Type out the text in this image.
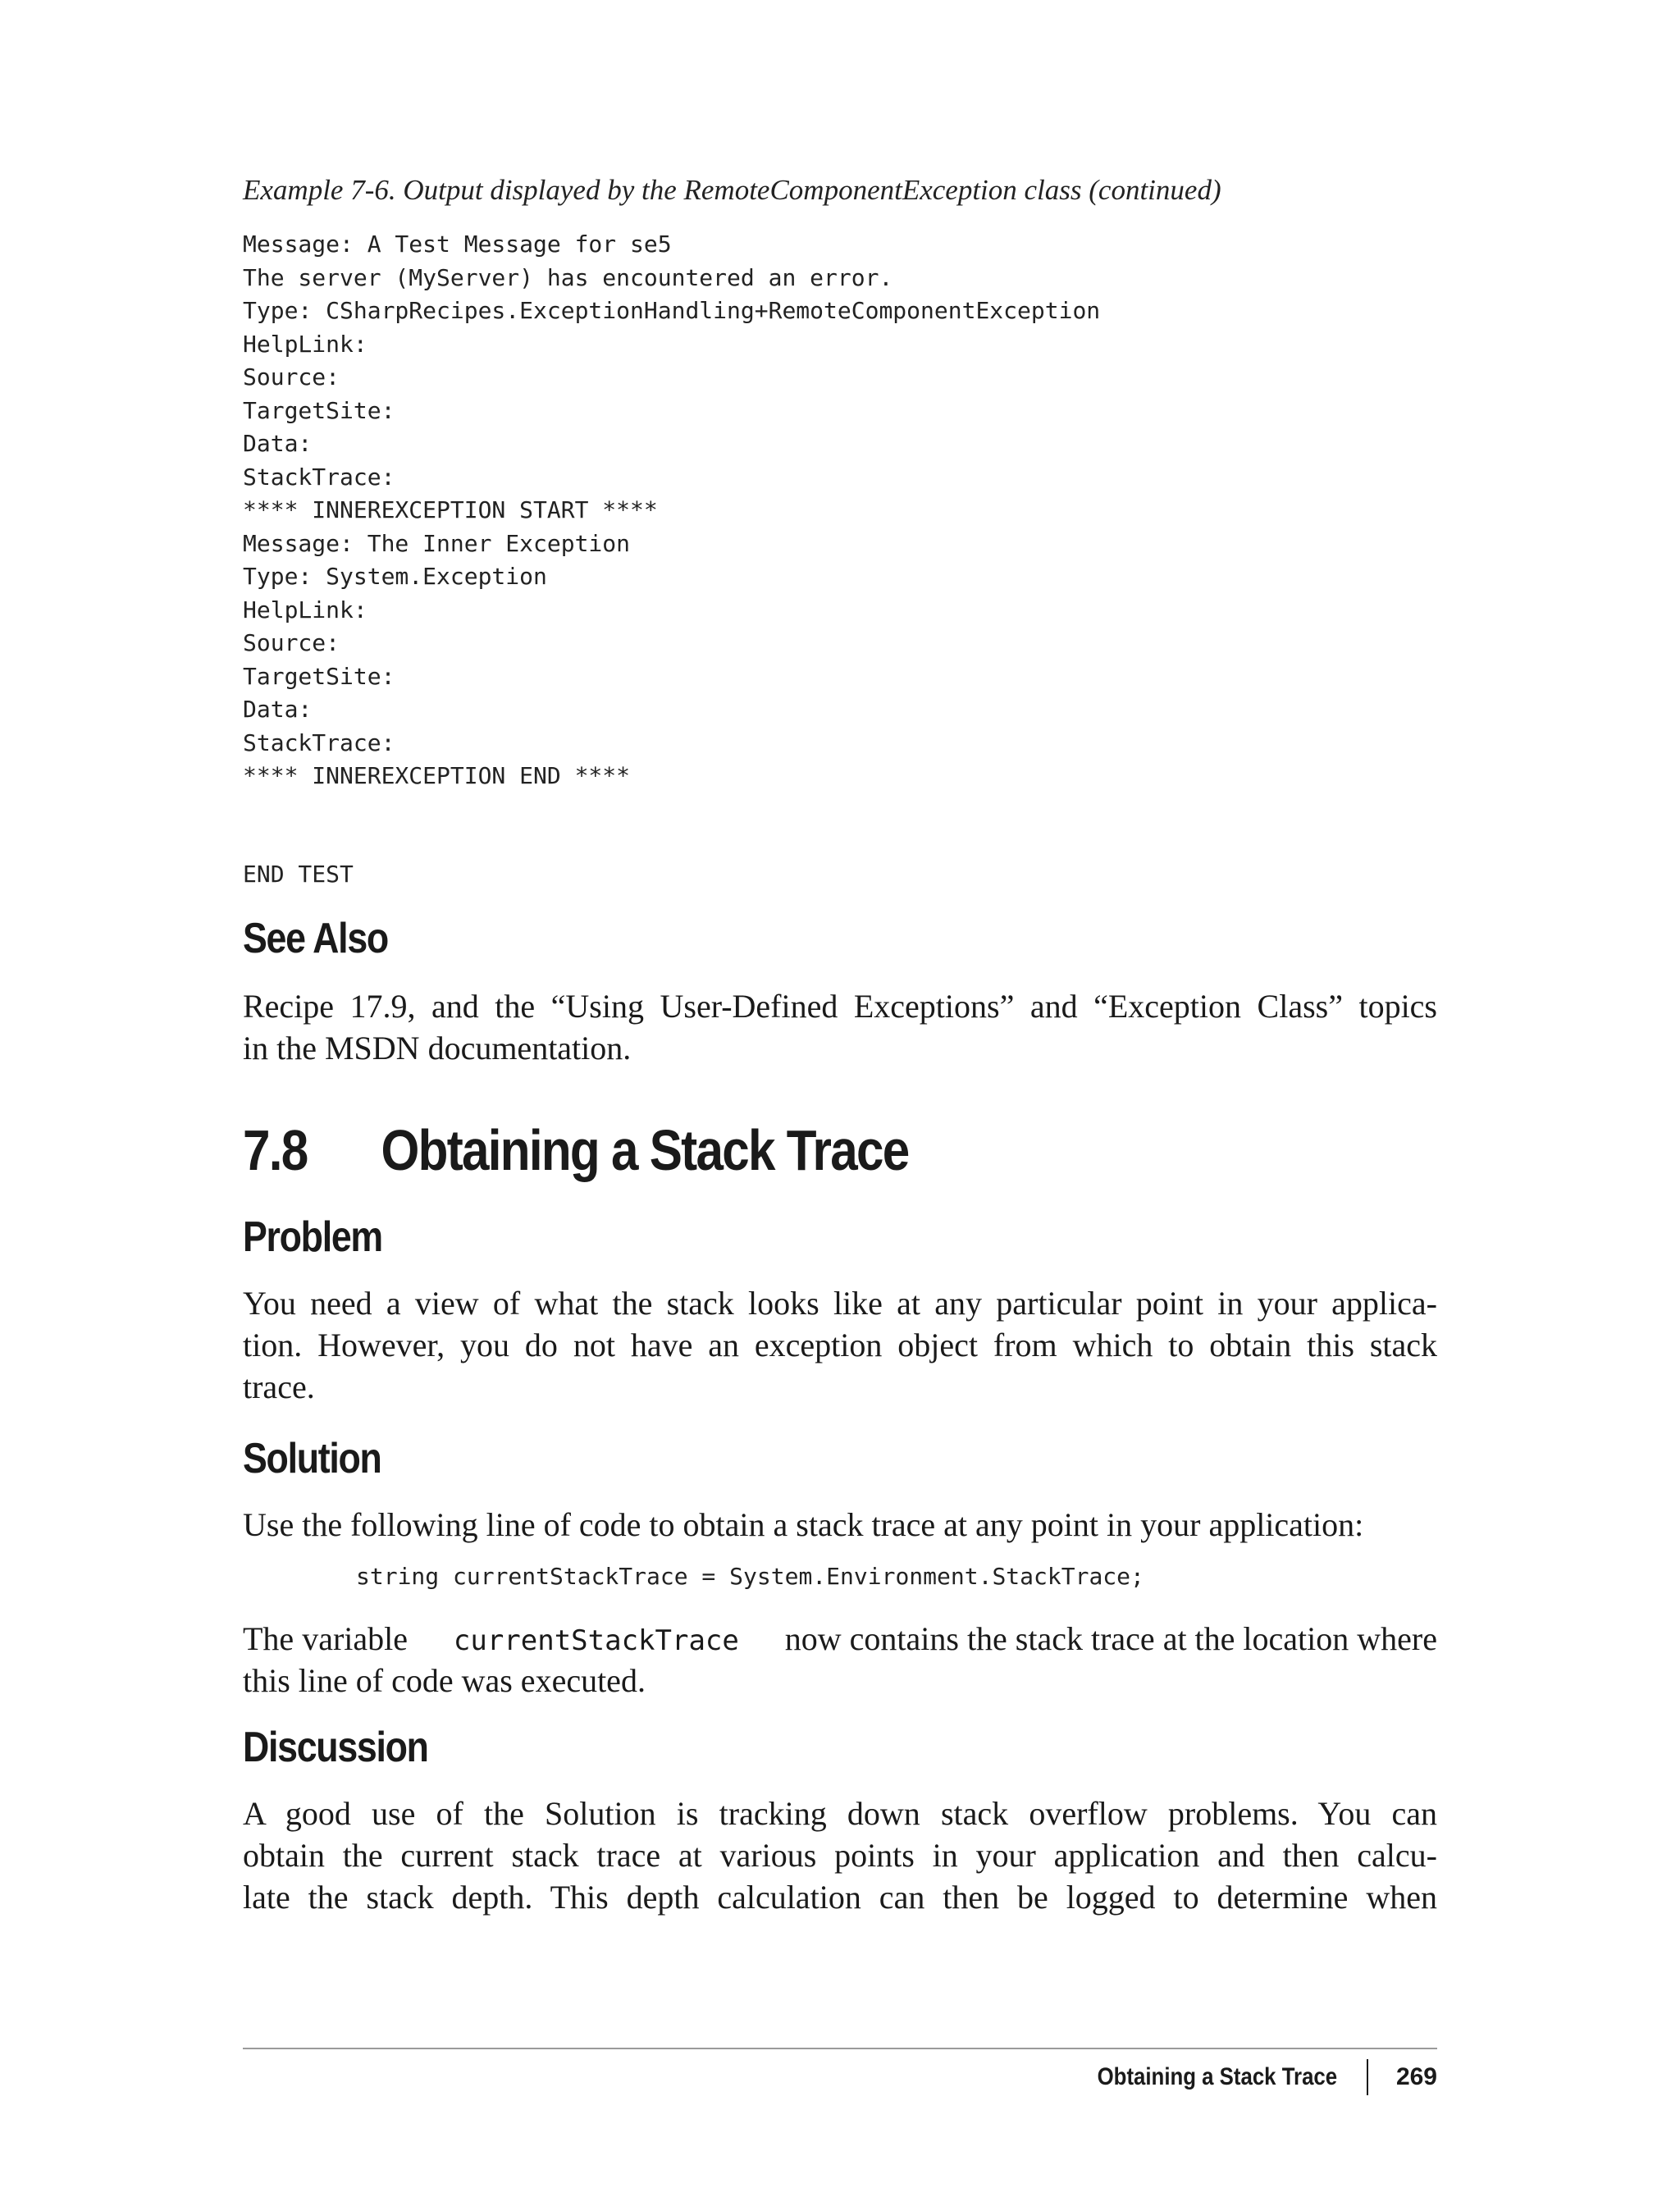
Example 7-6. Output displayed by the RemoteComponentException class (continued)
Message: A Test Message for se5
The server (MyServer) has encountered an error.
Type: CSharpRecipes.ExceptionHandling+RemoteComponentException
HelpLink:
Source:
TargetSite:
Data:
StackTrace:
**** INNEREXCEPTION START ****
Message: The Inner Exception
Type: System.Exception
HelpLink:
Source:
TargetSite:
Data:
StackTrace:
**** INNEREXCEPTION END ****
END TEST
See Also
Recipe 17.9, and the “Using User-Defined Exceptions” and “Exception Class” topics
in the MSDN documentation.
7.8 Obtaining a Stack Trace
Problem
You need a view of what the stack looks like at any particular point in your applica-
tion. However, you do not have an exception object from which to obtain this stack
trace.
Solution
Use the following line of code to obtain a stack trace at any point in your application:
string currentStackTrace = System.Environment.StackTrace;
The variable currentStackTrace now contains the stack trace at the location where
this line of code was executed.
Discussion
A good use of the Solution is tracking down stack overflow problems. You can
obtain the current stack trace at various points in your application and then calcu-
late the stack depth. This depth calculation can then be logged to determine when
Obtaining a Stack Trace 269
